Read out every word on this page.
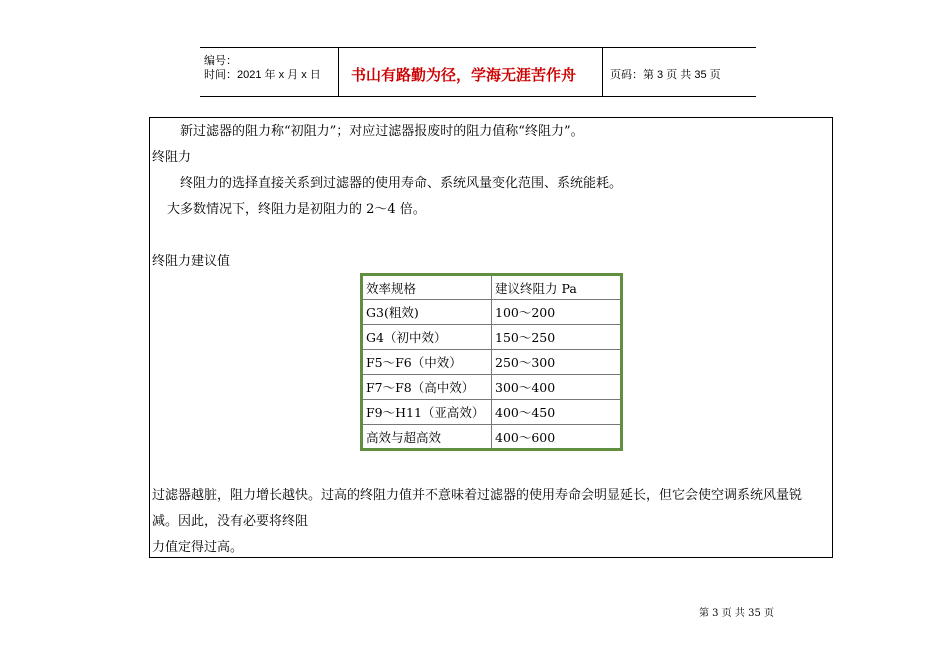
编号：
时间：2021 年 x 月 x 日 书山有路勤为径，学海无涯苦作舟	页码：第 3 页 共 35 页
新过滤器的阻力称“初阻力”；对应过滤器报废时的阻力值称“终阻力”。
终阻力
终阻力的选择直接关系到过滤器的使用寿命、系统风量变化范围、系统能耗。
大多数情况下，终阻力是初阻力的 2～4 倍。
终阻力建议值
效率规格	建议终阻力 Pa
G3(粗效)	100～200
G4（初中效）	150～250
F5～F6（中效）	250～300
F7～F8（高中效）	300～400
F9～H11（亚高效）	400～450
高效与超高效	400～600
过滤器越脏，阻力增长越快。过高的终阻力值并不意味着过滤器的使用寿命会明显延长，但它会使空调系统风量锐
减。因此，没有必要将终阻
力值定得过高。
第 3 页 共 35 页
